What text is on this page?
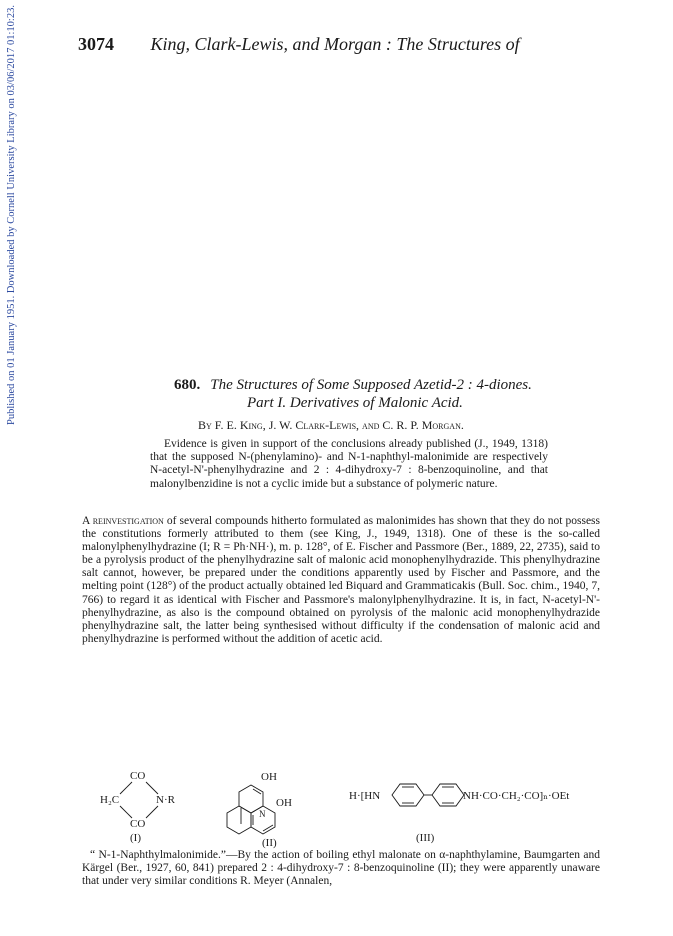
3074 King, Clark-Lewis, and Morgan : The Structures of
Published on 01 January 1951. Downloaded by Cornell University Library on 03/06/2017 01:10:23.	680. The Structures of Some Supposed Azetid-2 : 4-diones.
Part I. Derivatives of Malonic Acid.
By F. E. King, J. W. Clark-Lewis, and C. R. P. Morgan.
Evidence is given in support of the conclusions already published (J., 1949, 1318) that the supposed N-(phenylamino)- and N-1-naphthyl-malonimide are respectively N-acetyl-N'-phenylhydrazine and 2 : 4-dihydroxy-7 : 8-benzoquinoline, and that malonylbenzidine is not a cyclic imide but a substance of polymeric nature.
A reinvestigation of several compounds hitherto formulated as malonimides has shown that they do not possess the constitutions formerly attributed to them (see King, J., 1949, 1318). One of these is the so-called malonylphenylhydrazine (I; R = Ph·NH·), m. p. 128°, of E. Fischer and Passmore (Ber., 1889, 22, 2735), said to be a pyrolysis product of the phenylhydrazine salt of malonic acid monophenylhydrazide. This phenylhydrazine salt cannot, however, be prepared under the conditions apparently used by Fischer and Passmore, and the melting point (128°) of the product actually obtained led Biquard and Grammaticakis (Bull. Soc. chim., 1940, 7, 766) to regard it as identical with Fischer and Passmore's malonylphenylhydrazine. It is, in fact, N-acetyl-N'-phenylhydrazine, as also is the compound obtained on pyrolysis of the malonic acid monophenylhydrazide phenylhydrazine salt, the latter being synthesised without difficulty if the condensation of malonic acid and phenylhydrazine is performed without the addition of acetic acid.
CO
H₂C	N·R
CO
(I)
OH
OH
N
(II)
H·[HN	NH·CO·CH₂·CO]ₙ·OEt
(III)
“ N-1-Naphthylmalonimide.”—By the action of boiling ethyl malonate on α-naphthylamine, Baumgarten and Kärgel (Ber., 1927, 60, 841) prepared 2 : 4-dihydroxy-7 : 8-benzoquinoline (II); they were apparently unaware that under very similar conditions R. Meyer (Annalen,
